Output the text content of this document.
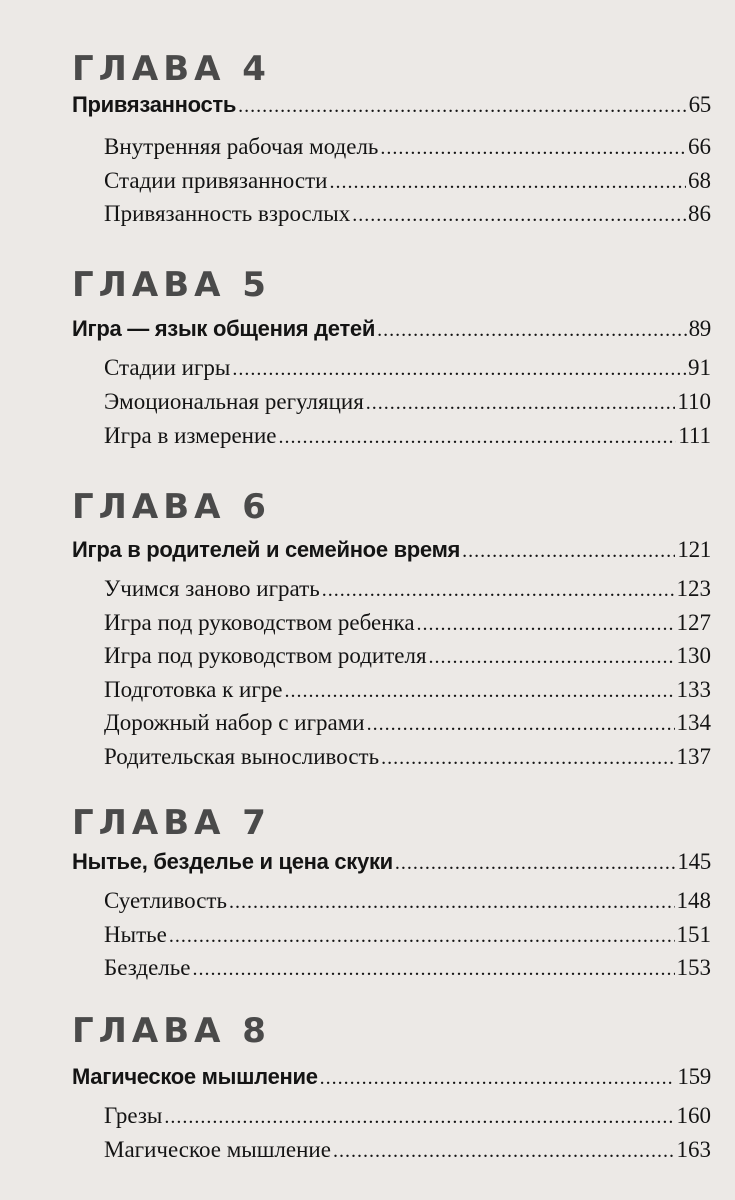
ГЛАВА 4
Привязанность .....	65
Внутренняя рабочая модель .....	66
Стадии привязанности .....	68
Привязанность взрослых .....	86
ГЛАВА 5
Игра — язык общения детей .....	89
Стадии игры .....	91
Эмоциональная регуляция .....	110
Игра в измерение .....	111
ГЛАВА 6
Игра в родителей и семейное время .....	121
Учимся заново играть .....	123
Игра под руководством ребенка .....	127
Игра под руководством родителя .....	130
Подготовка к игре .....	133
Дорожный набор с играми .....	134
Родительская выносливость .....	137
ГЛАВА 7
Нытье, безделье и цена скуки .....	145
Суетливость .....	148
Нытье .....	151
Безделье .....	153
ГЛАВА 8
Магическое мышление .....	159
Грезы .....	160
Магическое мышление .....	163
